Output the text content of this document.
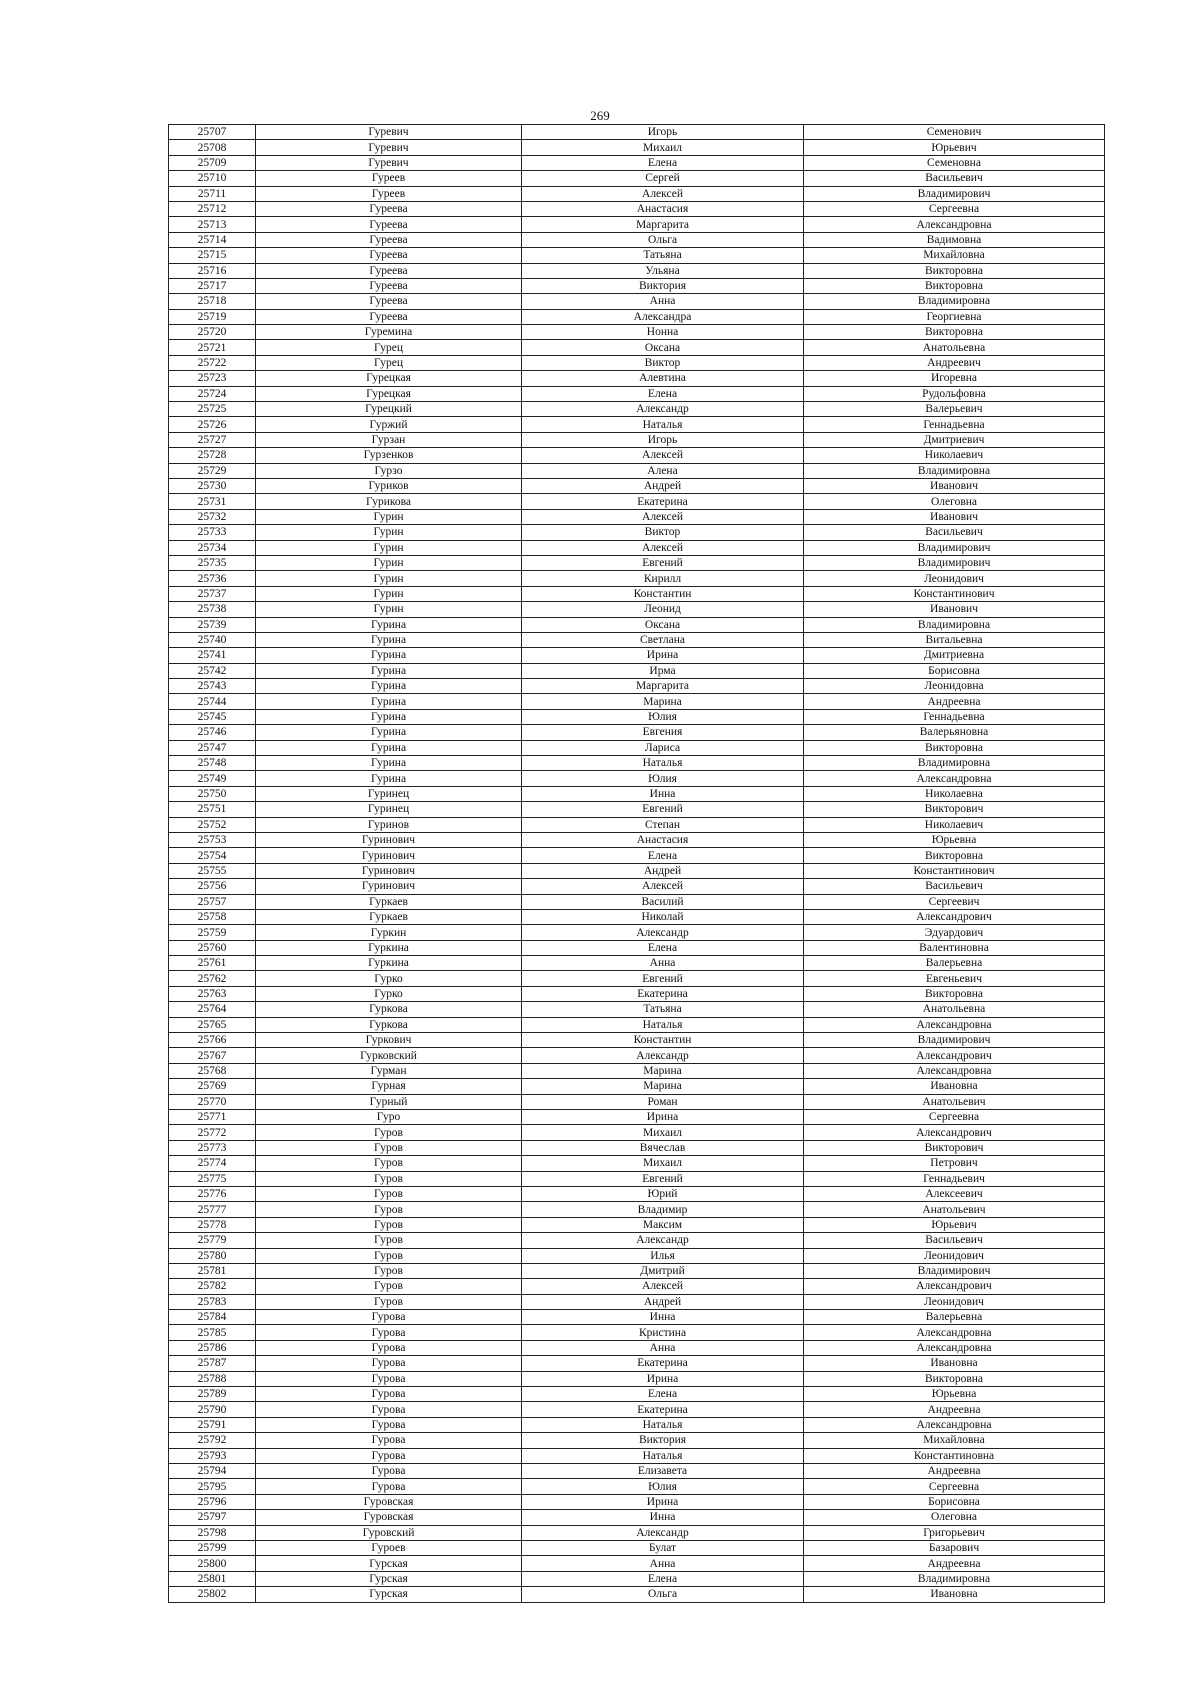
269
25707	Гуревич	Игорь	Семенович
25708	Гуревич	Михаил	Юрьевич
25709	Гуревич	Елена	Семеновна
25710	Гуреев	Сергей	Васильевич
25711	Гуреев	Алексей	Владимирович
25712	Гуреева	Анастасия	Сергеевна
25713	Гуреева	Маргарита	Александровна
25714	Гуреева	Ольга	Вадимовна
25715	Гуреева	Татьяна	Михайловна
25716	Гуреева	Ульяна	Викторовна
25717	Гуреева	Виктория	Викторовна
25718	Гуреева	Анна	Владимировна
25719	Гуреева	Александра	Георгиевна
25720	Гуремина	Нонна	Викторовна
25721	Гурец	Оксана	Анатольевна
25722	Гурец	Виктор	Андреевич
25723	Гурецкая	Алевтина	Игоревна
25724	Гурецкая	Елена	Рудольфовна
25725	Гурецкий	Александр	Валерьевич
25726	Гуржий	Наталья	Геннадьевна
25727	Гурзан	Игорь	Дмитриевич
25728	Гурзенков	Алексей	Николаевич
25729	Гурзо	Алена	Владимировна
25730	Гуриков	Андрей	Иванович
25731	Гурикова	Екатерина	Олеговна
25732	Гурин	Алексей	Иванович
25733	Гурин	Виктор	Васильевич
25734	Гурин	Алексей	Владимирович
25735	Гурин	Евгений	Владимирович
25736	Гурин	Кирилл	Леонидович
25737	Гурин	Константин	Константинович
25738	Гурин	Леонид	Иванович
25739	Гурина	Оксана	Владимировна
25740	Гурина	Светлана	Витальевна
25741	Гурина	Ирина	Дмитриевна
25742	Гурина	Ирма	Борисовна
25743	Гурина	Маргарита	Леонидовна
25744	Гурина	Марина	Андреевна
25745	Гурина	Юлия	Геннадьевна
25746	Гурина	Евгения	Валерьяновна
25747	Гурина	Лариса	Викторовна
25748	Гурина	Наталья	Владимировна
25749	Гурина	Юлия	Александровна
25750	Гуринец	Инна	Николаевна
25751	Гуринец	Евгений	Викторович
25752	Гуринов	Степан	Николаевич
25753	Гуринович	Анастасия	Юрьевна
25754	Гуринович	Елена	Викторовна
25755	Гуринович	Андрей	Константинович
25756	Гуринович	Алексей	Васильевич
25757	Гуркаев	Василий	Сергеевич
25758	Гуркаев	Николай	Александрович
25759	Гуркин	Александр	Эдуардович
25760	Гуркина	Елена	Валентиновна
25761	Гуркина	Анна	Валерьевна
25762	Гурко	Евгений	Евгеньевич
25763	Гурко	Екатерина	Викторовна
25764	Гуркова	Татьяна	Анатольевна
25765	Гуркова	Наталья	Александровна
25766	Гуркович	Константин	Владимирович
25767	Гурковский	Александр	Александрович
25768	Гурман	Марина	Александровна
25769	Гурная	Марина	Ивановна
25770	Гурный	Роман	Анатольевич
25771	Гуро	Ирина	Сергеевна
25772	Гуров	Михаил	Александрович
25773	Гуров	Вячеслав	Викторович
25774	Гуров	Михаил	Петрович
25775	Гуров	Евгений	Геннадьевич
25776	Гуров	Юрий	Алексеевич
25777	Гуров	Владимир	Анатольевич
25778	Гуров	Максим	Юрьевич
25779	Гуров	Александр	Васильевич
25780	Гуров	Илья	Леонидович
25781	Гуров	Дмитрий	Владимирович
25782	Гуров	Алексей	Александрович
25783	Гуров	Андрей	Леонидович
25784	Гурова	Инна	Валерьевна
25785	Гурова	Кристина	Александровна
25786	Гурова	Анна	Александровна
25787	Гурова	Екатерина	Ивановна
25788	Гурова	Ирина	Викторовна
25789	Гурова	Елена	Юрьевна
25790	Гурова	Екатерина	Андреевна
25791	Гурова	Наталья	Александровна
25792	Гурова	Виктория	Михайловна
25793	Гурова	Наталья	Константиновна
25794	Гурова	Елизавета	Андреевна
25795	Гурова	Юлия	Сергеевна
25796	Гуровская	Ирина	Борисовна
25797	Гуровская	Инна	Олеговна
25798	Гуровский	Александр	Григорьевич
25799	Гуроев	Булат	Базарович
25800	Гурская	Анна	Андреевна
25801	Гурская	Елена	Владимировна
25802	Гурская	Ольга	Ивановна
